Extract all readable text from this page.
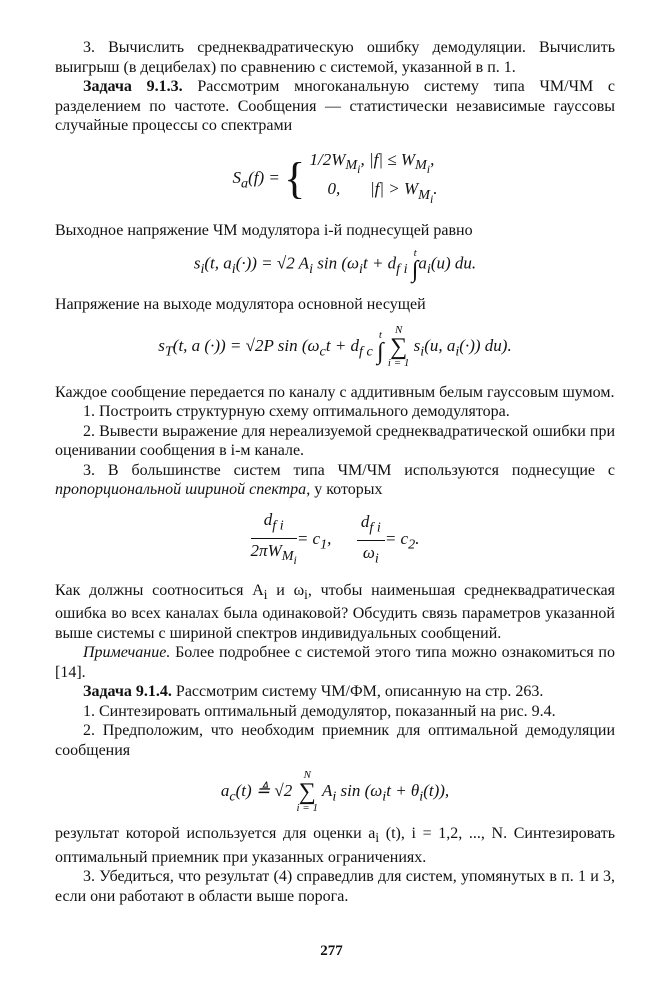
3. Вычислить среднеквадратическую ошибку демодуляции. Вычислить выигрыш (в децибелах) по сравнению с системой, указанной в п. 1.

Задача 9.1.3. Рассмотрим многоканальную систему типа ЧМ/ЧМ с разделением по частоте. Сообщения — статистически независимые гауссовы случайные процессы со спектрами

$S_a(f)$ = { $1/2W_{M_i}$, $|f| \le W_{M_i}$,
0, $|f| > W_{M_i}$.

Выходное напряжение ЧМ модулятора i-й поднесущей равно

$s_i(t$, $a_i(\cdot)) = √2$ $A_i$ $\sin (\omega_it + d_{f i}$
t
∫ $a_i(u)$ du.

Напряжение на выходе модулятора основной несущей

$s_T(t$, a (·)) = √2P $\sin (\omega_ct + d_{f c}$
t
∫

N
∑
i = 1
$s_i(u$, $a_i(\cdot)$) du).

Каждое сообщение передается по каналу с аддитивным белым гауссовым шумом.

1. Построить структурную схему оптимального демодулятора.

2. Вывести выражение для нереализуемой среднеквадратической ошибки при оценивании сообщения в i-м канале.

3. В большинстве систем типа ЧМ/ЧМ используются поднесущие с пропорциональной шириной спектра, у которых

$\frac{d_{f i}}{2\pi W_{M_i}} = c_1$, $\frac{d_{f i}}{\omega_i} = c_2$.

Как должны соотноситься $A_i$ и $\omega_i$, чтобы наименьшая среднеквадратическая ошибка во всех каналах была одинаковой? Обсудить связь параметров указанной выше системы с шириной спектров индивидуальных сообщений.

Примечание. Более подробнее с системой этого типа можно ознакомиться по [14].

Задача 9.1.4. Рассмотрим систему ЧМ/ФМ, описанную на стр. 263.

1. Синтезировать оптимальный демодулятор, показанный на рис. 9.4.

2. Предположим, что необходим приемник для оптимальной демодуляции сообщения

$a_c(t)$ ≜ √2
N
∑
i = 1
$A_i$ $\sin (\omega_it + \theta_i(t))$,

результат которой используется для оценки $a_i$ (t), i = 1,2, ..., N. Синтезировать оптимальный приемник при указанных ограничениях.

3. Убедиться, что результат (4) справедлив для систем, упомянутых в п. 1 и 3, если они работают в области выше порога.

277
